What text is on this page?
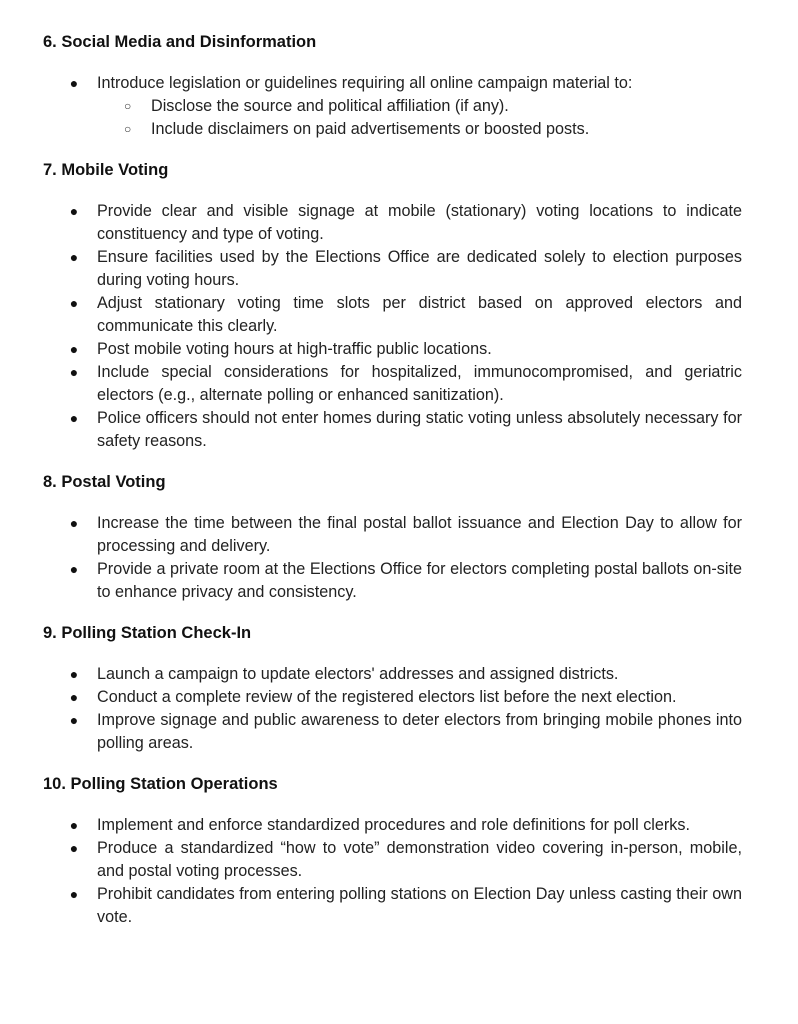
6. Social Media and Disinformation
● Introduce legislation or guidelines requiring all online campaign material to:
○ Disclose the source and political affiliation (if any).
○ Include disclaimers on paid advertisements or boosted posts.
7. Mobile Voting
● Provide clear and visible signage at mobile (stationary) voting locations to indicate constituency and type of voting.
● Ensure facilities used by the Elections Office are dedicated solely to election purposes during voting hours.
● Adjust stationary voting time slots per district based on approved electors and communicate this clearly.
● Post mobile voting hours at high-traffic public locations.
● Include special considerations for hospitalized, immunocompromised, and geriatric electors (e.g., alternate polling or enhanced sanitization).
● Police officers should not enter homes during static voting unless absolutely necessary for safety reasons.
8. Postal Voting
● Increase the time between the final postal ballot issuance and Election Day to allow for processing and delivery.
● Provide a private room at the Elections Office for electors completing postal ballots on-site to enhance privacy and consistency.
9. Polling Station Check-In
● Launch a campaign to update electors' addresses and assigned districts.
● Conduct a complete review of the registered electors list before the next election.
● Improve signage and public awareness to deter electors from bringing mobile phones into polling areas.
10. Polling Station Operations
● Implement and enforce standardized procedures and role definitions for poll clerks.
● Produce a standardized “how to vote” demonstration video covering in-person, mobile, and postal voting processes.
● Prohibit candidates from entering polling stations on Election Day unless casting their own vote.
